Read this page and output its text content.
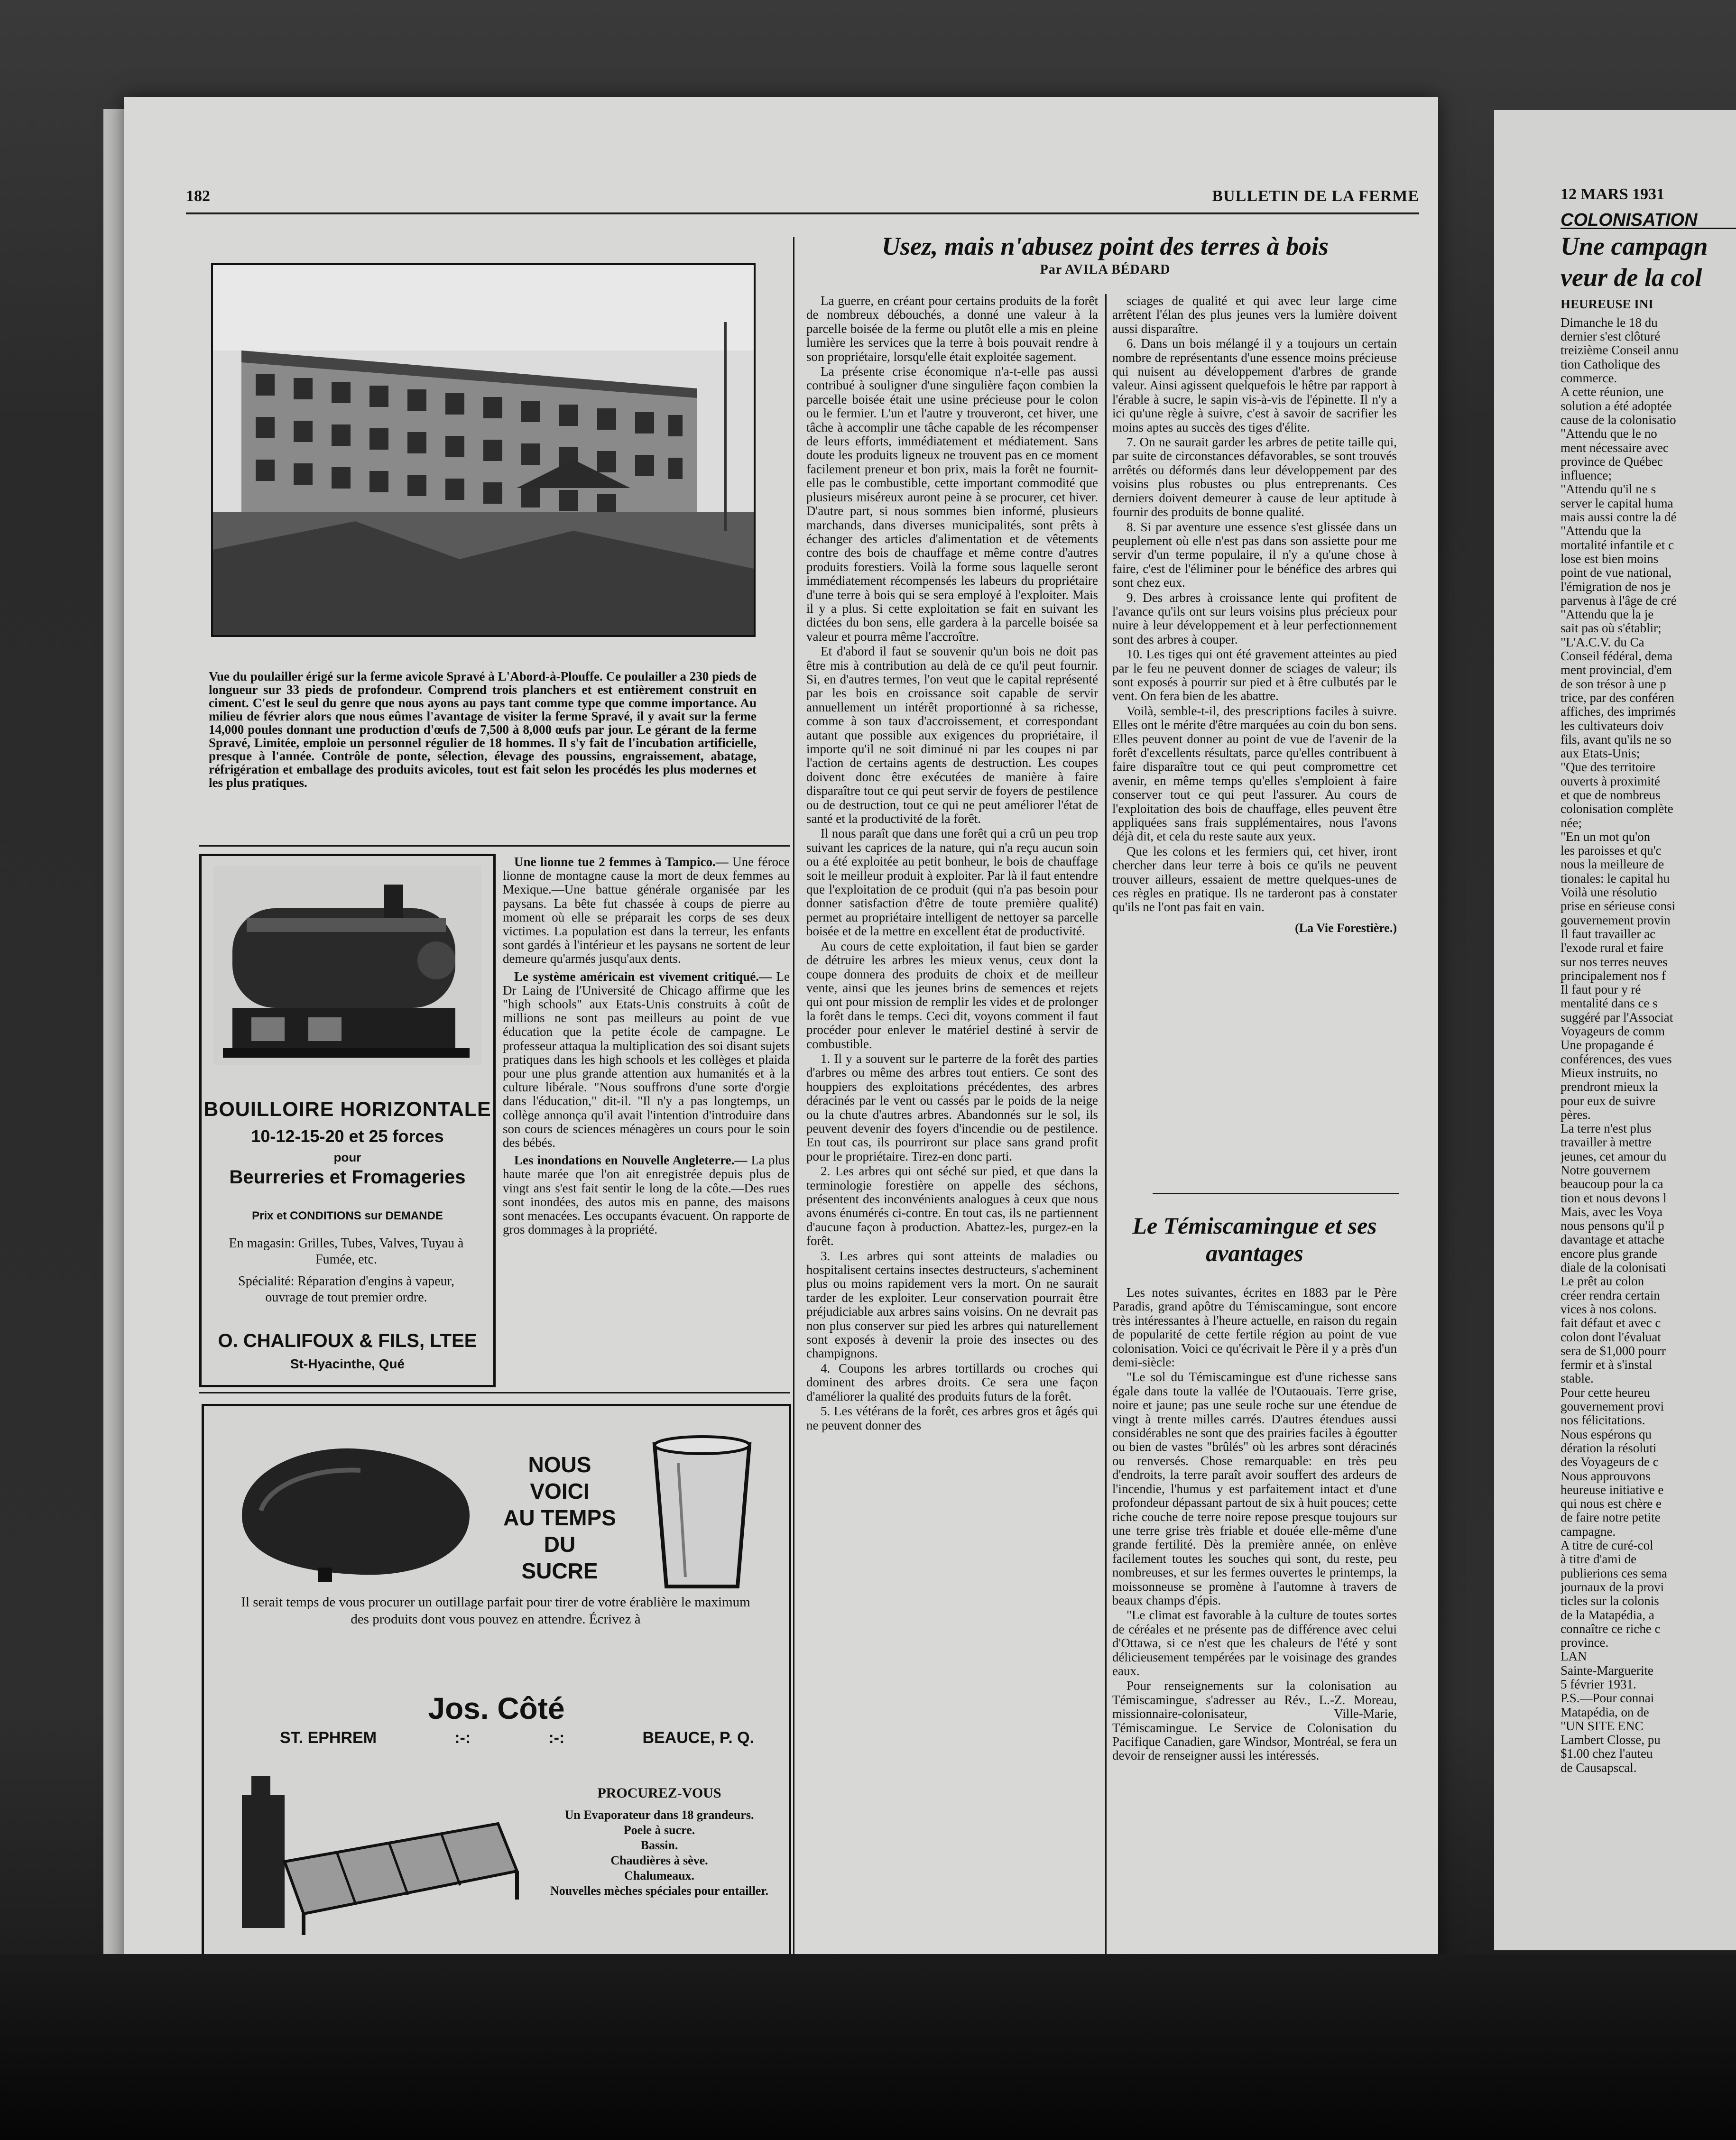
182	BULLETIN DE LA FERME
Vue du poulailler érigé sur la ferme avicole Spravé à L'Abord-à-Plouffe. Ce poulailler a 230 pieds de longueur sur 33 pieds de profondeur. Comprend trois planchers et est entièrement construit en ciment. C'est le seul du genre que nous ayons au pays tant comme type que comme importance. Au milieu de février alors que nous eûmes l'avantage de visiter la ferme Spravé, il y avait sur la ferme 14,000 poules donnant une production d'œufs de 7,500 à 8,000 œufs par jour. Le gérant de la ferme Spravé, Limitée, emploie un personnel régulier de 18 hommes. Il s'y fait de l'incubation artificielle, presque à l'année. Contrôle de ponte, sélection, élevage des poussins, engraissement, abatage, réfrigération et emballage des produits avicoles, tout est fait selon les procédés les plus modernes et les plus pratiques.
Usez, mais n'abusez point des terres à bois
Par AVILA BÉDARD

La guerre, en créant pour certains produits de la forêt de nombreux débouchés, a donné une valeur à la parcelle boisée de la ferme ou plutôt elle a mis en pleine lumière les services que la terre à bois pouvait rendre à son propriétaire, lorsqu'elle était exploitée sagement.

La présente crise économique n'a-t-elle pas aussi contribué à souligner d'une singulière façon combien la parcelle boisée était une usine précieuse pour le colon ou le fermier. L'un et l'autre y trouveront, cet hiver, une tâche à accomplir une tâche capable de les récompenser de leurs efforts, immédiatement et médiatement. Sans doute les produits ligneux ne trouvent pas en ce moment facilement preneur et bon prix, mais la forêt ne fournit-elle pas le combustible, cette important commodité que plusieurs miséreux auront peine à se procurer, cet hiver. D'autre part, si nous sommes bien informé, plusieurs marchands, dans diverses municipalités, sont prêts à échanger des articles d'alimentation et de vêtements contre des bois de chauffage et même contre d'autres produits forestiers. Voilà la forme sous laquelle seront immédiatement récompensés les labeurs du propriétaire d'une terre à bois qui se sera employé à l'exploiter. Mais il y a plus. Si cette exploitation se fait en suivant les dictées du bon sens, elle gardera à la parcelle boisée sa valeur et pourra même l'accroître.

Et d'abord il faut se souvenir qu'un bois ne doit pas être mis à contribution au delà de ce qu'il peut fournir. Si, en d'autres termes, l'on veut que le capital représenté par les bois en croissance soit capable de servir annuellement un intérêt proportionné à sa richesse, comme à son taux d'accroissement, et correspondant autant que possible aux exigences du propriétaire, il importe qu'il ne soit diminué ni par les coupes ni par l'action de certains agents de destruction. Les coupes doivent donc être exécutées de manière à faire disparaître tout ce qui peut servir de foyers de pestilence ou de destruction, tout ce qui ne peut améliorer l'état de santé et la productivité de la forêt.

Il nous paraît que dans une forêt qui a crû un peu trop suivant les caprices de la nature, qui n'a reçu aucun soin ou a été exploitée au petit bonheur, le bois de chauffage soit le meilleur produit à exploiter. Par là il faut entendre que l'exploitation de ce produit (qui n'a pas besoin pour donner satisfaction d'être de toute première qualité) permet au propriétaire intelligent de nettoyer sa parcelle boisée et de la mettre en excellent état de productivité.

Au cours de cette exploitation, il faut bien se garder de détruire les arbres les mieux venus, ceux dont la coupe donnera des produits de choix et de meilleur vente, ainsi que les jeunes brins de semences et rejets qui ont pour mission de remplir les vides et de prolonger la forêt dans le temps. Ceci dit, voyons comment il faut procéder pour enlever le matériel destiné à servir de combustible.

1. Il y a souvent sur le parterre de la forêt des parties d'arbres ou même des arbres tout entiers. Ce sont des houppiers des exploitations précédentes, des arbres déracinés par le vent ou cassés par le poids de la neige ou la chute d'autres arbres. Abandonnés sur le sol, ils peuvent devenir des foyers d'incendie ou de pestilence. En tout cas, ils pourriront sur place sans grand profit pour le propriétaire. Tirez-en donc parti.

2. Les arbres qui ont séché sur pied, et que dans la terminologie forestière on appelle des séchons, présentent des inconvénients analogues à ceux que nous avons énumérés ci-contre. En tout cas, ils ne partiennent d'aucune façon à production. Abattez-les, purgez-en la forêt.

3. Les arbres qui sont atteints de maladies ou hospitalisent certains insectes destructeurs, s'acheminent plus ou moins rapidement vers la mort. On ne saurait tarder de les exploiter. Leur conservation pourrait être préjudiciable aux arbres sains voisins. On ne devrait pas non plus conserver sur pied les arbres qui naturellement sont exposés à devenir la proie des insectes ou des champignons.

4. Coupons les arbres tortillards ou croches qui dominent des arbres droits. Ce sera une façon d'améliorer la qualité des produits futurs de la forêt.

5. Les vétérans de la forêt, ces arbres gros et âgés qui ne peuvent donner des

sciages de qualité et qui avec leur large cime arrêtent l'élan des plus jeunes vers la lumière doivent aussi disparaître.

6. Dans un bois mélangé il y a toujours un certain nombre de représentants d'une essence moins précieuse qui nuisent au développement d'arbres de grande valeur. Ainsi agissent quelquefois le hêtre par rapport à l'érable à sucre, le sapin vis-à-vis de l'épinette. Il n'y a ici qu'une règle à suivre, c'est à savoir de sacrifier les moins aptes au succès des tiges d'élite.

7. On ne saurait garder les arbres de petite taille qui, par suite de circonstances défavorables, se sont trouvés arrêtés ou déformés dans leur développement par des voisins plus robustes ou plus entreprenants. Ces derniers doivent demeurer à cause de leur aptitude à fournir des produits de bonne qualité.

8. Si par aventure une essence s'est glissée dans un peuplement où elle n'est pas dans son assiette pour me servir d'un terme populaire, il n'y a qu'une chose à faire, c'est de l'éliminer pour le bénéfice des arbres qui sont chez eux.

9. Des arbres à croissance lente qui profitent de l'avance qu'ils ont sur leurs voisins plus précieux pour nuire à leur développement et à leur perfectionnement sont des arbres à couper.

10. Les tiges qui ont été gravement atteintes au pied par le feu ne peuvent donner de sciages de valeur; ils sont exposés à pourrir sur pied et à être culbutés par le vent. On fera bien de les abattre.

Voilà, semble-t-il, des prescriptions faciles à suivre. Elles ont le mérite d'être marquées au coin du bon sens. Elles peuvent donner au point de vue de l'avenir de la forêt d'excellents résultats, parce qu'elles contribuent à faire disparaître tout ce qui peut compromettre cet avenir, en même temps qu'elles s'emploient à faire conserver tout ce qui peut l'assurer. Au cours de l'exploitation des bois de chauffage, elles peuvent être appliquées sans frais supplémentaires, nous l'avons déjà dit, et cela du reste saute aux yeux.

Que les colons et les fermiers qui, cet hiver, iront chercher dans leur terre à bois ce qu'ils ne peuvent trouver ailleurs, essaient de mettre quelques-unes de ces règles en pratique. Ils ne tarderont pas à constater qu'ils ne l'ont pas fait en vain.

(La Vie Forestière.)
Le Témiscamingue et ses avantages

Les notes suivantes, écrites en 1883 par le Père Paradis, grand apôtre du Témiscamingue, sont encore très intéressantes à l'heure actuelle, en raison du regain de popularité de cette fertile région au point de vue colonisation. Voici ce qu'écrivait le Père il y a près d'un demi-siècle:

"Le sol du Témiscamingue est d'une richesse sans égale dans toute la vallée de l'Outaouais. Terre grise, noire et jaune; pas une seule roche sur une étendue de vingt à trente milles carrés. D'autres étendues aussi considérables ne sont que des prairies faciles à égoutter ou bien de vastes "brûlés" où les arbres sont déracinés ou renversés. Chose remarquable: en très peu d'endroits, la terre paraît avoir souffert des ardeurs de l'incendie, l'humus y est parfaitement intact et d'une profondeur dépassant partout de six à huit pouces; cette riche couche de terre noire repose presque toujours sur une terre grise très friable et douée elle-même d'une grande fertilité. Dès la première année, on enlève facilement toutes les souches qui sont, du reste, peu nombreuses, et sur les fermes ouvertes le printemps, la moissonneuse se promène à l'automne à travers de beaux champs d'épis.

"Le climat est favorable à la culture de toutes sortes de céréales et ne présente pas de différence avec celui d'Ottawa, si ce n'est que les chaleurs de l'été y sont délicieusement tempérées par le voisinage des grandes eaux.

Pour renseignements sur la colonisation au Témiscamingue, s'adresser au Rév., L.-Z. Moreau, missionnaire-colonisateur, Ville-Marie, Témiscamingue. Le Service de Colonisation du Pacifique Canadien, gare Windsor, Montréal, se fera un devoir de renseigner aussi les intéressés.

BOUILLOIRE HORIZONTALE
10-12-15-20 et 25 forces
pour
Beurreries et Fromageries
Prix et CONDITIONS sur DEMANDE
En magasin: Grilles, Tubes, Valves, Tuyau à Fumée, etc.
Spécialité: Réparation d'engins à vapeur, ouvrage de tout premier ordre.
O. CHALIFOUX & FILS, LTEE
St-Hyacinthe, Qué

Une lionne tue 2 femmes à Tampico.— Une féroce lionne de montagne cause la mort de deux femmes au Mexique.—Une battue générale organisée par les paysans. La bête fut chassée à coups de pierre au moment où elle se préparait les corps de ses deux victimes. La population est dans la terreur, les enfants sont gardés à l'intérieur et les paysans ne sortent de leur demeure qu'armés jusqu'aux dents.

Le système américain est vivement critiqué.— Le Dr Laing de l'Université de Chicago affirme que les "high schools" aux Etats-Unis construits à coût de millions ne sont pas meilleurs au point de vue éducation que la petite école de campagne. Le professeur attaqua la multiplication des soi disant sujets pratiques dans les high schools et les collèges et plaida pour une plus grande attention aux humanités et à la culture libérale. "Nous souffrons d'une sorte d'orgie dans l'éducation," dit-il. "Il n'y a pas longtemps, un collège annonça qu'il avait l'intention d'introduire dans son cours de sciences ménagères un cours pour le soin des bébés.

Les inondations en Nouvelle Angleterre.— La plus haute marée que l'on ait enregistrée depuis plus de vingt ans s'est fait sentir le long de la côte.—Des rues sont inondées, des autos mis en panne, des maisons sont menacées. Les occupants évacuent. On rapporte de gros dommages à la propriété.

NOUS
VOICI
AU TEMPS
DU
SUCRE
Il serait temps de vous procurer un outillage parfait pour tirer de votre érablière le maximum des produits dont vous pouvez en attendre. Écrivez à
Jos. Côté
ST. EPHREM	:-:	:-:	BEAUCE, P. Q.
PROCUREZ-VOUS
Un Evaporateur dans 18 grandeurs.
Poele à sucre.
Bassin.
Chaudières à sève.
Chalumeaux.
Nouvelles mèches spéciales pour entailler.
12 MARS 1931
COLONISATION
Une campagn
veur de la col
HEUREUSE INI
Dimanche le 18 du
dernier s'est clôturé
treizième Conseil annu
tion Catholique des
commerce.
A cette réunion, une
solution a été adoptée
cause de la colonisatio
"Attendu que le no
ment nécessaire avec
province de Québec
influence;
"Attendu qu'il ne s
server le capital huma
mais aussi contre la dé
"Attendu que la
mortalité infantile et c
lose est bien moins
point de vue national,
l'émigration de nos je
parvenus à l'âge de cré
"Attendu que la je
sait pas où s'établir;
"L'A.C.V. du Ca
Conseil fédéral, dema
ment provincial, d'em
de son trésor à une p
trice, par des conféren
affiches, des imprimés
les cultivateurs doiv
fils, avant qu'ils ne so
aux Etats-Unis;
"Que des territoire
ouverts à proximité
et que de nombreus
colonisation complète
née;
"En un mot qu'on
les paroisses et qu'c
nous la meilleure de
tionales: le capital hu
Voilà une résolutio
prise en sérieuse consi
gouvernement provin
Il faut travailler ac
l'exode rural et faire
sur nos terres neuves
principalement nos f
Il faut pour y ré
mentalité dans ce s
suggéré par l'Associat
Voyageurs de comm
Une propagande é
conférences, des vues
Mieux instruits, no
prendront mieux la
pour eux de suivre
pères.
La terre n'est plus
travailler à mettre
jeunes, cet amour du
Notre gouvernem
beaucoup pour la ca
tion et nous devons l
Mais, avec les Voya
nous pensons qu'il p
davantage et attache
encore plus grande
diale de la colonisati
Le prêt au colon
créer rendra certain
vices à nos colons.
fait défaut et avec c
colon dont l'évaluat
sera de $1,000 pourr
fermir et à s'instal
stable.
Pour cette heureu
gouvernement provi
nos félicitations.
Nous espérons qu
dération la résoluti
des Voyageurs de c
Nous approuvons
heureuse initiative e
qui nous est chère e
de faire notre petite
campagne.
A titre de curé-col
à titre d'ami de
publierions ces sema
journaux de la provi
ticles sur la colonis
de la Matapédia, a
connaître ce riche c
province.
LAN
Sainte-Marguerite
5 février 1931.
P.S.—Pour connai
Matapédia, on de
"UN SITE ENC
Lambert Closse, pu
$1.00 chez l'auteu
de Causapscal.
